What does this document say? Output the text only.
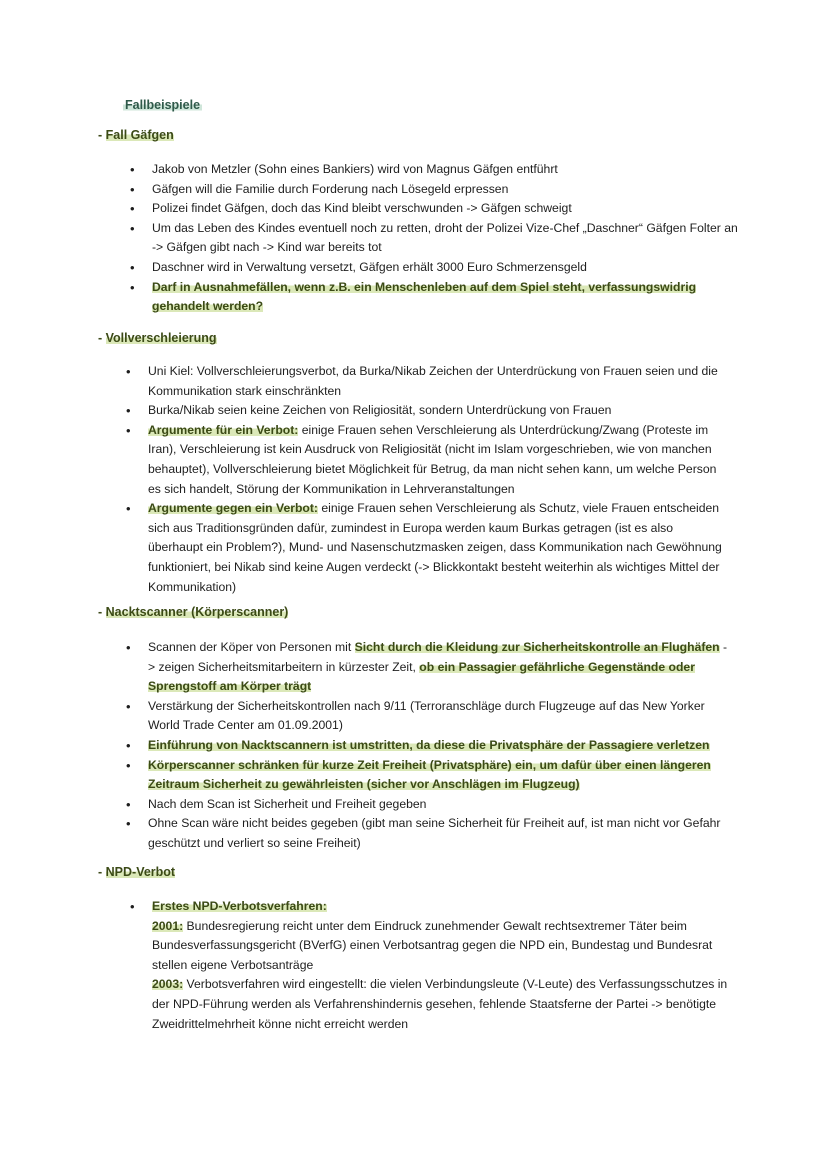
Fallbeispiele
- Fall Gäfgen
• Jakob von Metzler (Sohn eines Bankiers) wird von Magnus Gäfgen entführt
• Gäfgen will die Familie durch Forderung nach Lösegeld erpressen
• Polizei findet Gäfgen, doch das Kind bleibt verschwunden -> Gäfgen schweigt
• Um das Leben des Kindes eventuell noch zu retten, droht der Polizei Vize-Chef „Daschner“ Gäfgen Folter an -> Gäfgen gibt nach -> Kind war bereits tot
• Daschner wird in Verwaltung versetzt, Gäfgen erhält 3000 Euro Schmerzensgeld
• Darf in Ausnahmefällen, wenn z.B. ein Menschenleben auf dem Spiel steht, verfassungswidrig gehandelt werden?
- Vollverschleierung
• Uni Kiel: Vollverschleierungsverbot, da Burka/Nikab Zeichen der Unterdrückung von Frauen seien und die Kommunikation stark einschränkten
• Burka/Nikab seien keine Zeichen von Religiosität, sondern Unterdrückung von Frauen
• Argumente für ein Verbot: einige Frauen sehen Verschleierung als Unterdrückung/Zwang (Proteste im Iran), Verschleierung ist kein Ausdruck von Religiosität (nicht im Islam vorgeschrieben, wie von manchen behauptet), Vollverschleierung bietet Möglichkeit für Betrug, da man nicht sehen kann, um welche Person es sich handelt, Störung der Kommunikation in Lehrveranstaltungen
• Argumente gegen ein Verbot: einige Frauen sehen Verschleierung als Schutz, viele Frauen entscheiden sich aus Traditionsgründen dafür, zumindest in Europa werden kaum Burkas getragen (ist es also überhaupt ein Problem?), Mund- und Nasenschutzmasken zeigen, dass Kommunikation nach Gewöhnung funktioniert, bei Nikab sind keine Augen verdeckt (-> Blickkontakt besteht weiterhin als wichtiges Mittel der Kommunikation)
- Nacktscanner (Körperscanner)
• Scannen der Köper von Personen mit Sicht durch die Kleidung zur Sicherheitskontrolle an Flughäfen -> zeigen Sicherheitsmitarbeitern in kürzester Zeit, ob ein Passagier gefährliche Gegenstände oder Sprengstoff am Körper trägt
• Verstärkung der Sicherheitskontrollen nach 9/11 (Terroranschläge durch Flugzeuge auf das New Yorker World Trade Center am 01.09.2001)
• Einführung von Nacktscannern ist umstritten, da diese die Privatsphäre der Passagiere verletzen
• Körperscanner schränken für kurze Zeit Freiheit (Privatsphäre) ein, um dafür über einen längeren Zeitraum Sicherheit zu gewährleisten (sicher vor Anschlägen im Flugzeug)
• Nach dem Scan ist Sicherheit und Freiheit gegeben
• Ohne Scan wäre nicht beides gegeben (gibt man seine Sicherheit für Freiheit auf, ist man nicht vor Gefahr geschützt und verliert so seine Freiheit)
- NPD-Verbot
• Erstes NPD-Verbotsverfahren:
2001: Bundesregierung reicht unter dem Eindruck zunehmender Gewalt rechtsextremer Täter beim Bundesverfassungsgericht (BVerfG) einen Verbotsantrag gegen die NPD ein, Bundestag und Bundesrat stellen eigene Verbotsanträge
2003: Verbotsverfahren wird eingestellt: die vielen Verbindungsleute (V-Leute) des Verfassungsschutzes in der NPD-Führung werden als Verfahrenshindernis gesehen, fehlende Staatsferne der Partei -> benötigte Zweidrittelmehrheit könne nicht erreicht werden
